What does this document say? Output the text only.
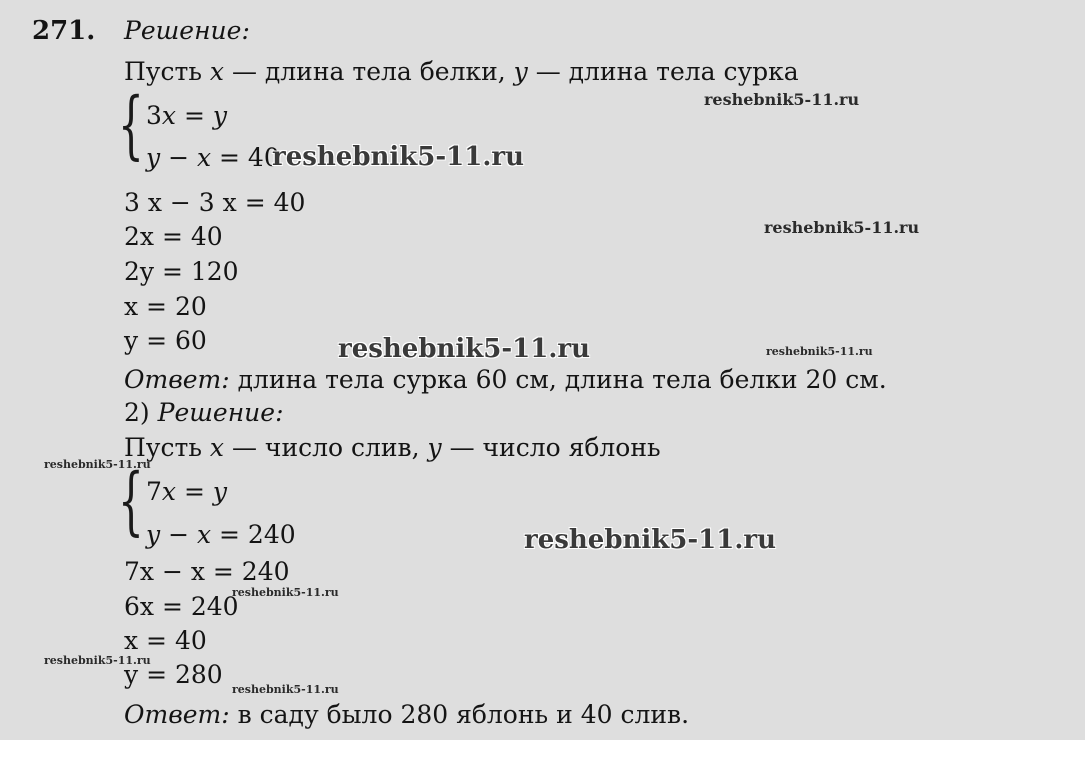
271. Решение:
Пусть x — длина тела белки, y — длина тела сурка
{ 3x = y
y − x = 40
3 x − 3 x = 40
2x = 40
2y = 120
x = 20
y = 60
Ответ: длина тела сурка 60 см, длина тела белки 20 см.
2) Решение:
Пусть x — число слив, y — число яблонь
{ 7x = y
y − x = 240
7x − x = 240
6x = 240
x = 40
y = 280
Ответ: в саду было 280 яблонь и 40 слив.
reshebnik5-11.ru
reshebnik5-11.ru
reshebnik5-11.ru
reshebnik5-11.ru	reshebnik5-11.ru
reshebnik5-11.ru
reshebnik5-11.ru
reshebnik5-11.ru
reshebnik5-11.ru
reshebnik5-11.ru
